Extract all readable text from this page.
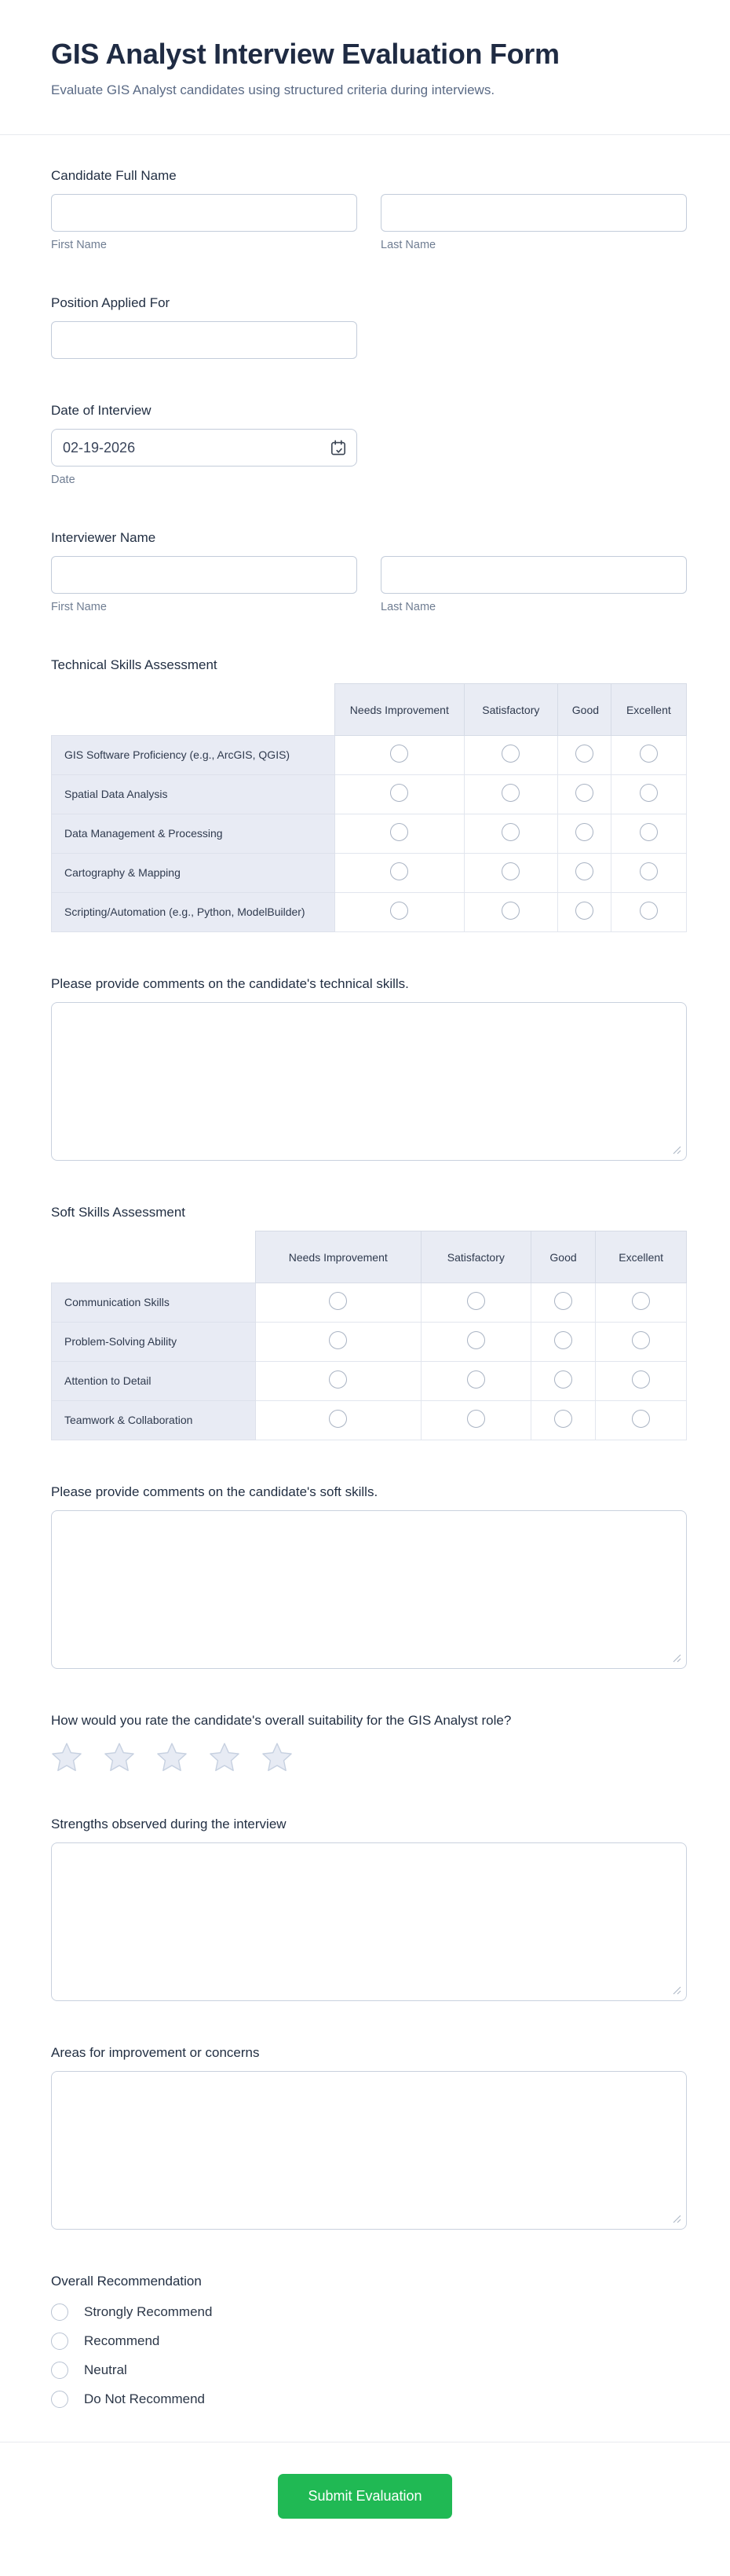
GIS Analyst Interview Evaluation Form

Evaluate GIS Analyst candidates using structured criteria during interviews.

Candidate Full Name
First Name	Last Name
Position Applied For
Date of Interview
02-19-2026
Date
Interviewer Name
First Name	Last Name
Technical Skills Assessment
	Needs Improvement	Satisfactory	Good	Excellent
GIS Software Proficiency (e.g., ArcGIS, QGIS)				
Spatial Data Analysis				
Data Management & Processing				
Cartography & Mapping				
Scripting/Automation (e.g., Python, ModelBuilder)				
Please provide comments on the candidate's technical skills.
Soft Skills Assessment
	Needs Improvement	Satisfactory	Good	Excellent
Communication Skills				
Problem-Solving Ability				
Attention to Detail				
Teamwork & Collaboration				
Please provide comments on the candidate's soft skills.
How would you rate the candidate's overall suitability for the GIS Analyst role?
Strengths observed during the interview
Areas for improvement or concerns
Overall Recommendation
Strongly Recommend
Recommend
Neutral
Do Not Recommend
Submit Evaluation
